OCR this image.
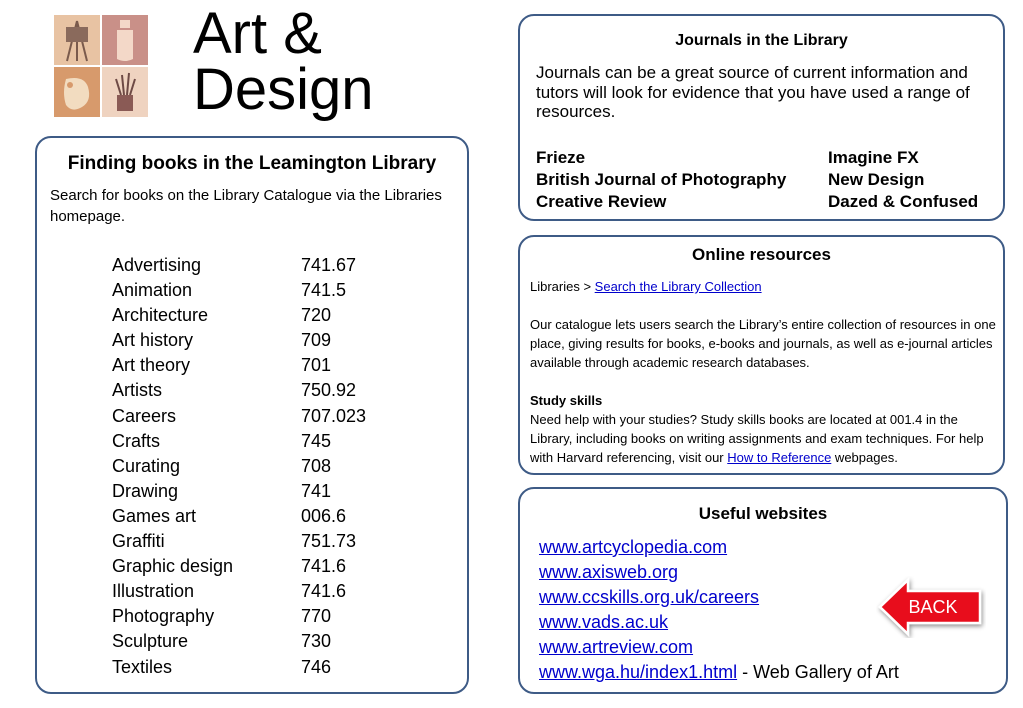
Art &
Design
Finding books in the Leamington Library
Search for books on the Library Catalogue via the Libraries homepage.
Advertising	741.67
Animation	741.5
Architecture	720
Art history	709
Art theory	701
Artists	750.92
Careers	707.023
Crafts	745
Curating	708
Drawing	741
Games art	006.6
Graffiti	751.73
Graphic design	741.6
Illustration	741.6
Photography	770
Sculpture	730
Textiles	746
Journals in the Library
Journals can be a great source of current information and tutors will look for evidence that you have used a range of resources.
Frieze	Imagine FX
British Journal of Photography	New Design
Creative Review	Dazed & Confused
Online resources

Libraries > Search the Library Collection

Our catalogue lets users search the Library’s entire collection of resources in one place, giving results for books, e-books and journals, as well as e-journal articles available through academic research databases.

Study skills

Need help with your studies? Study skills books are located at 001.4 in the Library, including books on writing assignments and exam techniques. For help with Harvard referencing, visit our How to Reference webpages.

Useful websites
www.artcyclopedia.com
www.axisweb.org
www.ccskills.org.uk/careers
www.vads.ac.uk
www.artreview.com
www.wga.hu/index1.html - Web Gallery of Art
BACK
